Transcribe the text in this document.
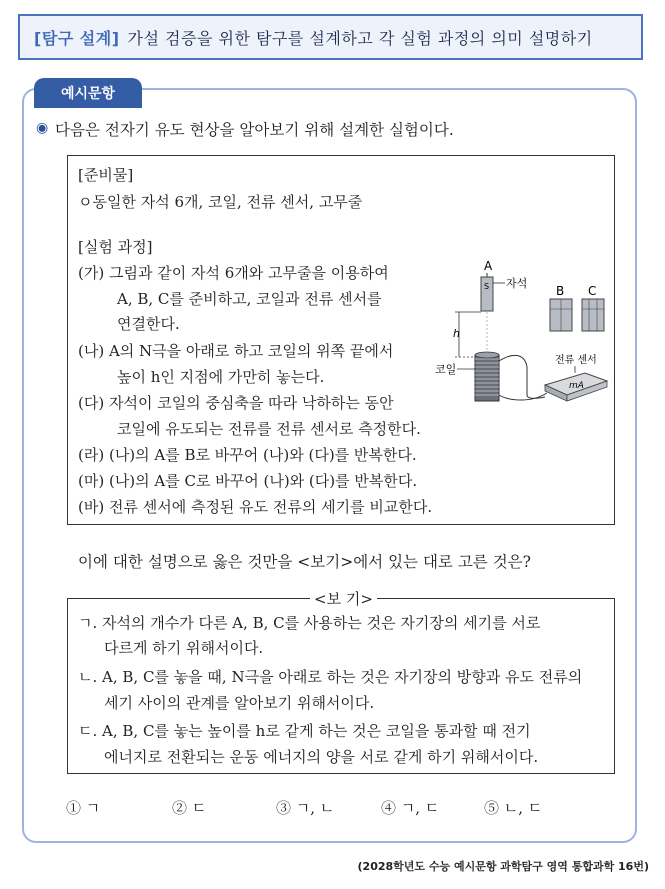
[탐구 설계] 가설 검증을 위한 탐구를 설계하고 각 실험 과정의 의미 설명하기
예시문항
◉ 다음은 전자기 유도 현상을 알아보기 위해 설계한 실험이다.
[준비물]
ㅇ동일한 자석 6개, 코일, 전류 센서, 고무줄
[실험 과정]
(가) 그림과 같이 자석 6개와 고무줄을 이용하여
A, B, C를 준비하고, 코일과 전류 센서를
연결한다.
(나) A의 N극을 아래로 하고 코일의 위쪽 끝에서
높이 h인 지점에 가만히 놓는다.
(다) 자석이 코일의 중심축을 따라 낙하하는 동안
코일에 유도되는 전류를 전류 센서로 측정한다.
(라) (나)의 A를 B로 바꾸어 (나)와 (다)를 반복한다.
(마) (나)의 A를 C로 바꾸어 (나)와 (다)를 반복한다.
(바) 전류 센서에 측정된 유도 전류의 세기를 비교한다.
A
S 자석
h
코일
B C
전류 센서
mA
이에 대한 설명으로 옳은 것만을 <보기>에서 있는 대로 고른 것은?
<보 기>
ㄱ. 자석의 개수가 다른 A, B, C를 사용하는 것은 자기장의 세기를 서로
다르게 하기 위해서이다.
ㄴ. A, B, C를 놓을 때, N극을 아래로 하는 것은 자기장의 방향과 유도 전류의
세기 사이의 관계를 알아보기 위해서이다.
ㄷ. A, B, C를 놓는 높이를 h로 같게 하는 것은 코일을 통과할 때 전기
에너지로 전환되는 운동 에너지의 양을 서로 같게 하기 위해서이다.
① ㄱ	② ㄷ	③ ㄱ, ㄴ	④ ㄱ, ㄷ	⑤ ㄴ, ㄷ
(2028학년도 수능 예시문항 과학탐구 영역 통합과학 16번)
